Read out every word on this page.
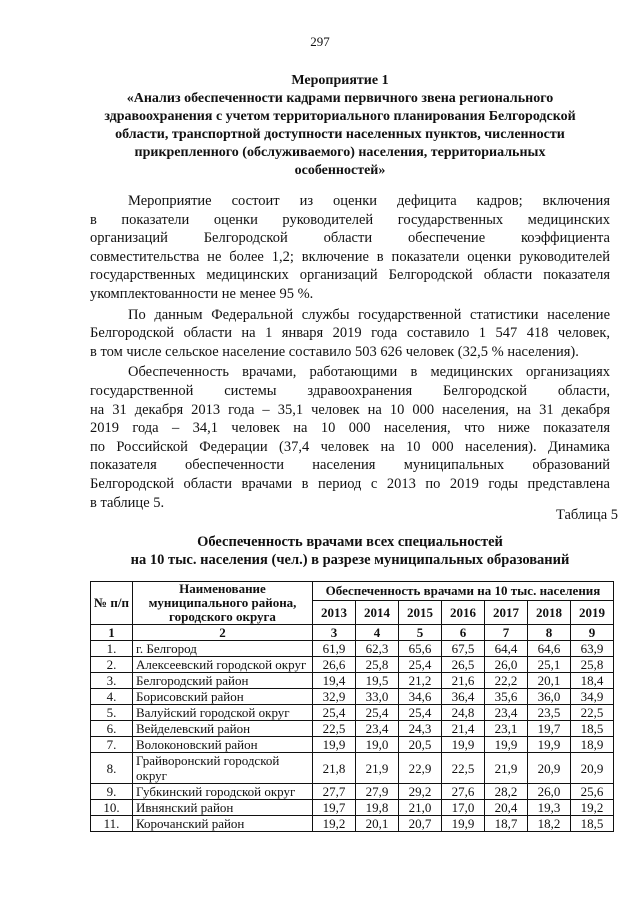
297
Мероприятие 1
«Анализ обеспеченности кадрами первичного звена регионального
здравоохранения с учетом территориального планирования Белгородской
области, транспортной доступности населенных пунктов, численности
прикрепленного (обслуживаемого) населения, территориальных
особенностей»

Мероприятие состоит из оценки дефицита кадров; включения
в показатели оценки руководителей государственных медицинских
организаций Белгородской области обеспечение коэффициента
совместительства не более 1,2; включение в показатели оценки руководителей
государственных медицинских организаций Белгородской области показателя
укомплектованности не менее 95 %.

По данным Федеральной службы государственной статистики население
Белгородской области на 1 января 2019 года составило 1 547 418 человек,
в том числе сельское население составило 503 626 человек (32,5 % населения).

Обеспеченность врачами, работающими в медицинских организациях
государственной системы здравоохранения Белгородской области,
на 31 декабря 2013 года – 35,1 человек на 10 000 населения, на 31 декабря
2019 года – 34,1 человек на 10 000 населения, что ниже показателя
по Российской Федерации (37,4 человек на 10 000 населения). Динамика
показателя обеспеченности населения муниципальных образований
Белгородской области врачами в период с 2013 по 2019 годы представлена
в таблице 5.

Таблица 5
Обеспеченность врачами всех специальностей
на 10 тыс. населения (чел.) в разрезе муниципальных образований
№ п/п	Наименование муниципального района, городского округа	Обеспеченность врачами на 10 тыс. населения						
		2013	2014	2015	2016	2017	2018	2019
1	2	3	4	5	6	7	8	9
1.	г. Белгород	61,9	62,3	65,6	67,5	64,4	64,6	63,9
2.	Алексеевский городской округ	26,6	25,8	25,4	26,5	26,0	25,1	25,8
3.	Белгородский район	19,4	19,5	21,2	21,6	22,2	20,1	18,4
4.	Борисовский район	32,9	33,0	34,6	36,4	35,6	36,0	34,9
5.	Валуйский городской округ	25,4	25,4	25,4	24,8	23,4	23,5	22,5
6.	Вейделевский район	22,5	23,4	24,3	21,4	23,1	19,7	18,5
7.	Волоконовский район	19,9	19,0	20,5	19,9	19,9	19,9	18,9
8.	Грайворонский городской округ	21,8	21,9	22,9	22,5	21,9	20,9	20,9
9.	Губкинский городской округ	27,7	27,9	29,2	27,6	28,2	26,0	25,6
10.	Ивнянский район	19,7	19,8	21,0	17,0	20,4	19,3	19,2
11.	Корочанский район	19,2	20,1	20,7	19,9	18,7	18,2	18,5
